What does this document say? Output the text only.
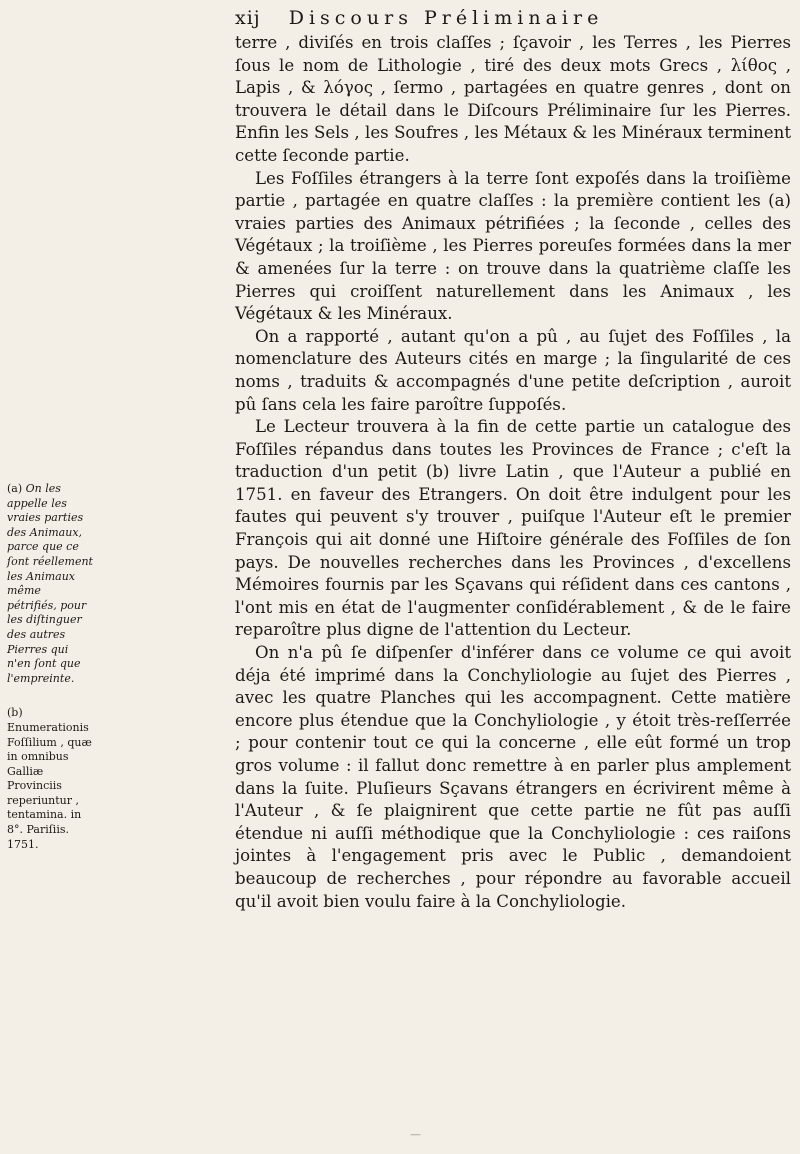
xij Discours Préliminaire

terre , diviſés en trois claſſes ; ſçavoir , les Terres , les Pierres ſous le nom de Lithologie , tiré des deux mots Grecs , λίθος , Lapis , & λόγος , ſermo , partagées en quatre genres , dont on trouvera le détail dans le Diſcours Préliminaire ſur les Pierres. Enfin les Sels , les Soufres , les Métaux & les Minéraux terminent cette ſeconde partie.

Les Foſſiles étrangers à la terre ſont expoſés dans la troiſième partie , partagée en quatre claſſes : la première contient les (a) vraies parties des Animaux pétrifiées ; la ſeconde , celles des Végétaux ; la troiſième , les Pierres poreuſes formées dans la mer & amenées ſur la terre : on trouve dans la quatrième claſſe les Pierres qui croiſſent naturellement dans les Animaux , les Végétaux & les Minéraux.

On a rapporté , autant qu'on a pû , au ſujet des Foſſiles , la nomenclature des Auteurs cités en marge ; la ſingularité de ces noms , traduits & accompagnés d'une petite deſcription , auroit pû ſans cela les faire paroître ſuppoſés.

Le Lecteur trouvera à la fin de cette partie un catalogue des Foſſiles répandus dans toutes les Provinces de France ; c'eſt la traduction d'un petit (b) livre Latin , que l'Auteur a publié en 1751. en faveur des Etrangers. On doit être indulgent pour les fautes qui peuvent s'y trouver , puiſque l'Auteur eſt le premier François qui ait donné une Hiſtoire générale des Foſſiles de ſon pays. De nouvelles recherches dans les Provinces , d'excellens Mémoires fournis par les Sçavans qui réſident dans ces cantons , l'ont mis en état de l'augmenter conſidérablement , & de le faire reparoître plus digne de l'attention du Lecteur.

On n'a pû ſe diſpenſer d'inférer dans ce volume ce qui avoit déja été imprimé dans la Conchyliologie au ſujet des Pierres , avec les quatre Planches qui les accompagnent. Cette matière encore plus étendue que la Conchyliologie , y étoit très-reſſerrée ; pour contenir tout ce qui la concerne , elle eût formé un trop gros volume : il fallut donc remettre à en parler plus amplement dans la ſuite. Pluſieurs Sçavans étrangers en écrivirent même à l'Auteur , & ſe plaignirent que cette partie ne fût pas auſſi étendue ni auſſi méthodique que la Conchyliologie : ces raiſons jointes à l'engagement pris avec le Public , demandoient beaucoup de recherches , pour répondre au favorable accueil qu'il avoit bien voulu faire à la Conchyliologie.

(a) On les appelle les vraies parties des Animaux, parce que ce ſont réellement les Animaux même pétrifiés, pour les diſtinguer des autres Pierres qui n'en ſont que l'empreinte.
(b) Enumerationis Foſſilium , quæ in omnibus Galliæ Provinciis reperiuntur , tentamina. in 8°. Pariſiis. 1751.
—
